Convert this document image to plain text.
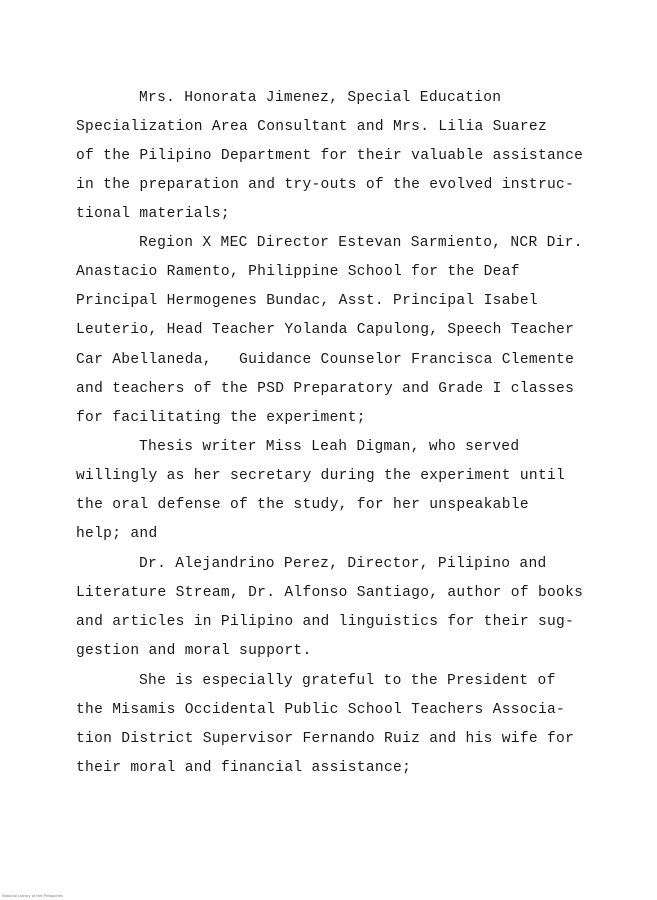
Mrs. Honorata Jimenez, Special Education
Specialization Area Consultant and Mrs. Lilia Suarez
of the Pilipino Department for their valuable assistance
in the preparation and try-outs of the evolved instruc-
tional materials;
Region X MEC Director Estevan Sarmiento, NCR Dir.
Anastacio Ramento, Philippine School for the Deaf
Principal Hermogenes Bundac, Asst. Principal Isabel
Leuterio, Head Teacher Yolanda Capulong, Speech Teacher
Car Abellaneda,   Guidance Counselor Francisca Clemente
and teachers of the PSD Preparatory and Grade I classes
for facilitating the experiment;
Thesis writer Miss Leah Digman, who served
willingly as her secretary during the experiment until
the oral defense of the study, for her unspeakable
help; and
Dr. Alejandrino Perez, Director, Pilipino and
Literature Stream, Dr. Alfonso Santiago, author of books
and articles in Pilipino and linguistics for their sug-
gestion and moral support.
She is especially grateful to the President of
the Misamis Occidental Public School Teachers Associa-
tion District Supervisor Fernando Ruiz and his wife for
their moral and financial assistance;
National Library of the Philippines
